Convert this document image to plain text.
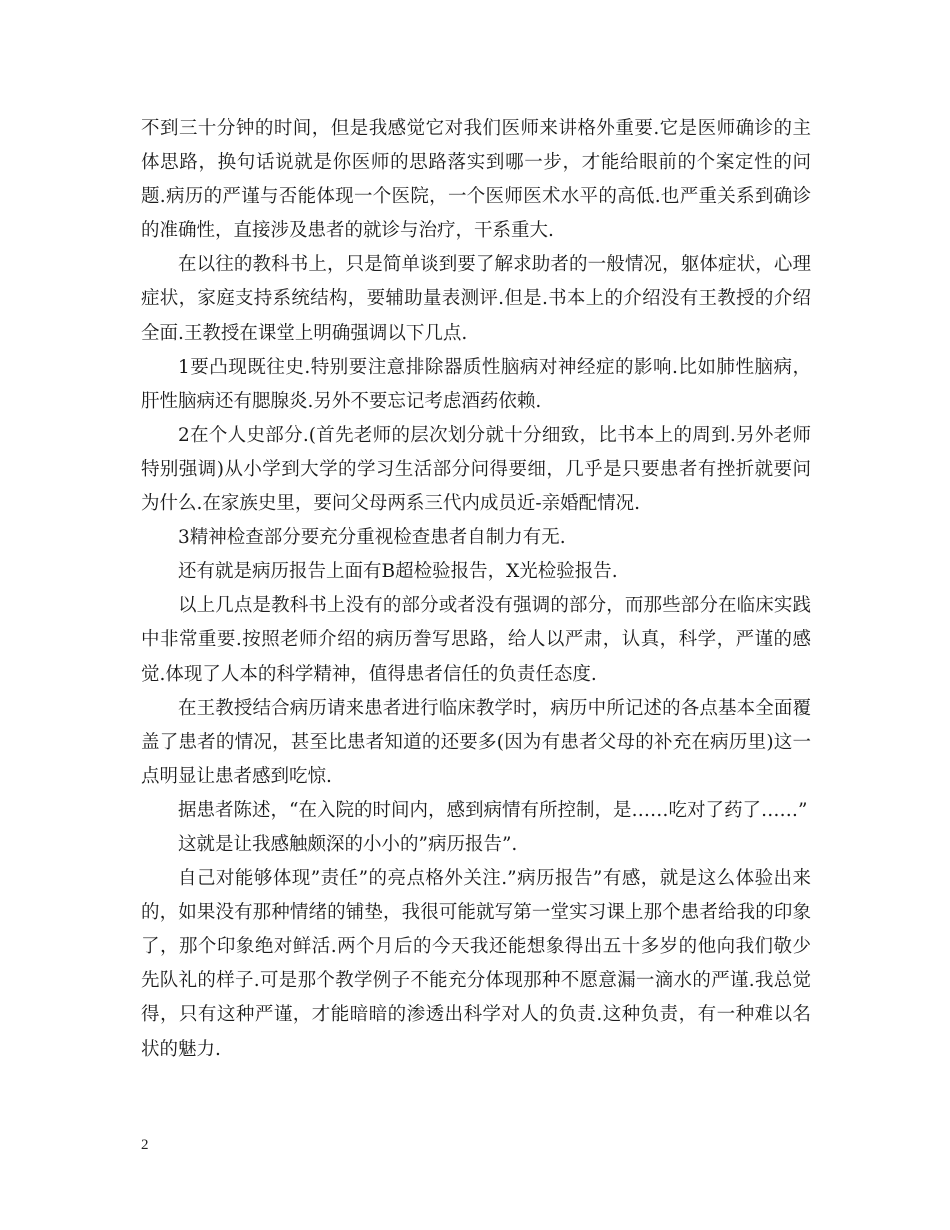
不到三十分钟的时间，但是我感觉它对我们医师来讲格外重要.它是医师确诊的主体思路，换句话说就是你医师的思路落实到哪一步，才能给眼前的个案定性的问题.病历的严谨与否能体现一个医院，一个医师医术水平的高低.也严重关系到确诊的准确性，直接涉及患者的就诊与治疗，干系重大.

在以往的教科书上，只是简单谈到要了解求助者的一般情况，躯体症状，心理症状，家庭支持系统结构，要辅助量表测评.但是.书本上的介绍没有王教授的介绍全面.王教授在课堂上明确强调以下几点.

1要凸现既往史.特别要注意排除器质性脑病对神经症的影响.比如肺性脑病，肝性脑病还有腮腺炎.另外不要忘记考虑酒药依赖.

2在个人史部分.(首先老师的层次划分就十分细致，比书本上的周到.另外老师特别强调)从小学到大学的学习生活部分问得要细，几乎是只要患者有挫折就要问为什么.在家族史里，要问父母两系三代内成员近-亲婚配情况.

3精神检查部分要充分重视检查患者自制力有无.

还有就是病历报告上面有B超检验报告，X光检验报告.

以上几点是教科书上没有的部分或者没有强调的部分，而那些部分在临床实践中非常重要.按照老师介绍的病历誊写思路，给人以严肃，认真，科学，严谨的感觉.体现了人本的科学精神，值得患者信任的负责任态度.

在王教授结合病历请来患者进行临床教学时，病历中所记述的各点基本全面覆盖了患者的情况，甚至比患者知道的还要多(因为有患者父母的补充在病历里)这一点明显让患者感到吃惊.

据患者陈述，“在入院的时间内，感到病情有所控制，是……吃对了药了……”

这就是让我感触颇深的小小的”病历报告”.

自己对能够体现”责任”的亮点格外关注.”病历报告”有感，就是这么体验出来的，如果没有那种情绪的铺垫，我很可能就写第一堂实习课上那个患者给我的印象了，那个印象绝对鲜活.两个月后的今天我还能想象得出五十多岁的他向我们敬少先队礼的样子.可是那个教学例子不能充分体现那种不愿意漏一滴水的严谨.我总觉得，只有这种严谨，才能暗暗的渗透出科学对人的负责.这种负责，有一种难以名状的魅力.

2
